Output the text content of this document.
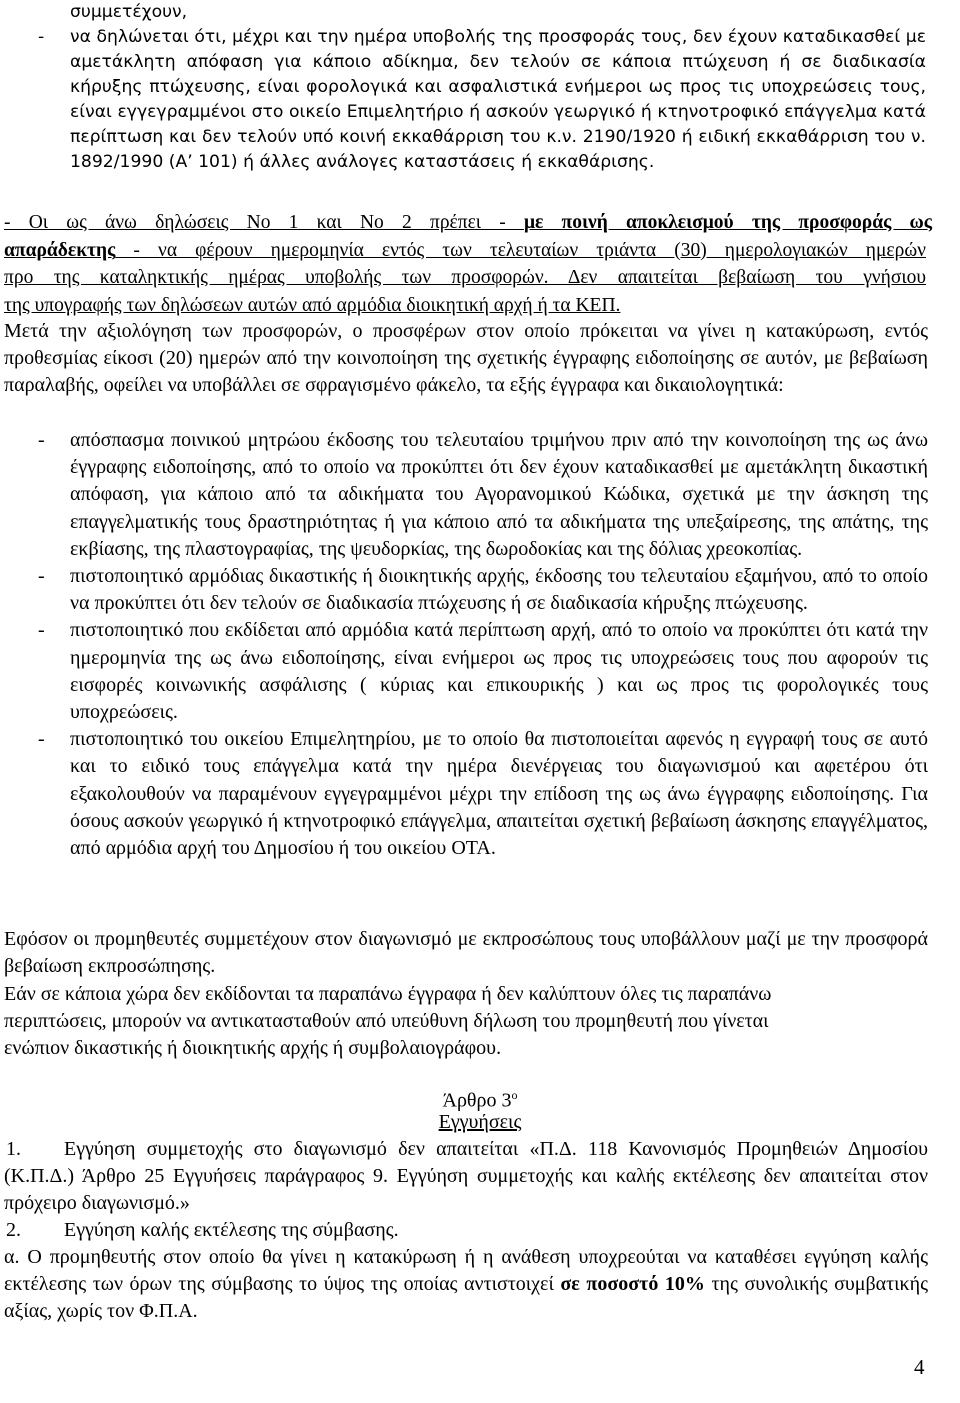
συμμετέχουν,
-	να δηλώνεται ότι, μέχρι και την ημέρα υποβολής της προσφοράς τους, δεν έχουν καταδικασθεί με αμετάκλητη απόφαση για κάποιο αδίκημα, δεν τελούν σε κάποια πτώχευση ή σε διαδικασία κήρυξης πτώχευσης, είναι φορολογικά και ασφαλιστικά ενήμεροι ως προς τις υποχρεώσεις τους, είναι εγγεγραμμένοι στο οικείο Επιμελητήριο ή ασκούν γεωργικό ή κτηνοτροφικό επάγγελμα κατά περίπτωση και δεν τελούν υπό κοινή εκκαθάρριση του κ.ν. 2190/1920 ή ειδική εκκαθάρριση του ν. 1892/1990 (Α’ 101) ή άλλες ανάλογες καταστάσεις ή εκκαθάρισης.

- Οι ως άνω δηλώσεις Νο 1 και Νο 2 πρέπει - με ποινή αποκλεισμού της προσφοράς ως
απαράδεκτης - να φέρουν ημερομηνία εντός των τελευταίων τριάντα (30) ημερολογιακών ημερών
προ της καταληκτικής ημέρας υποβολής των προσφορών. Δεν απαιτείται βεβαίωση του γνήσιου
της υπογραφής των δηλώσεων αυτών από αρμόδια διοικητική αρχή ή τα ΚΕΠ.

Μετά την αξιολόγηση των προσφορών, ο προσφέρων στον οποίο πρόκειται να γίνει η κατακύρωση, εντός προθεσμίας είκοσι (20) ημερών από την κοινοποίηση της σχετικής έγγραφης ειδοποίησης σε αυτόν, με βεβαίωση παραλαβής, οφείλει να υποβάλλει σε σφραγισμένο φάκελο, τα εξής έγγραφα και δικαιολογητικά:

-	απόσπασμα ποινικού μητρώου έκδοσης του τελευταίου τριμήνου πριν από την κοινοποίηση της ως άνω έγγραφης ειδοποίησης, από το οποίο να προκύπτει ότι δεν έχουν καταδικασθεί με αμετάκλητη δικαστική απόφαση, για κάποιο από τα αδικήματα του Αγορανομικού Κώδικα, σχετικά με την άσκηση της επαγγελματικής τους δραστηριότητας ή για κάποιο από τα αδικήματα της υπεξαίρεσης, της απάτης, της εκβίασης, της πλαστογραφίας, της ψευδορκίας, της δωροδοκίας και της δόλιας χρεοκοπίας.

-	πιστοποιητικό αρμόδιας δικαστικής ή διοικητικής αρχής, έκδοσης του τελευταίου εξαμήνου, από το οποίο να προκύπτει ότι δεν τελούν σε διαδικασία πτώχευσης ή σε διαδικασία κήρυξης πτώχευσης.

-	πιστοποιητικό που εκδίδεται από αρμόδια κατά περίπτωση αρχή, από το οποίο να προκύπτει ότι κατά την ημερομηνία της ως άνω ειδοποίησης, είναι ενήμεροι ως προς τις υποχρεώσεις τους που αφορούν τις εισφορές κοινωνικής ασφάλισης ( κύριας και επικουρικής ) και ως προς τις φορολογικές τους υποχρεώσεις.

-	πιστοποιητικό του οικείου Επιμελητηρίου, με το οποίο θα πιστοποιείται αφενός η εγγραφή τους σε αυτό και το ειδικό τους επάγγελμα κατά την ημέρα διενέργειας του διαγωνισμού και αφετέρου ότι εξακολουθούν να παραμένουν εγγεγραμμένοι μέχρι την επίδοση της ως άνω έγγραφης ειδοποίησης. Για όσους ασκούν γεωργικό ή κτηνοτροφικό επάγγελμα, απαιτείται σχετική βεβαίωση άσκησης επαγγέλματος, από αρμόδια αρχή του Δημοσίου ή του οικείου ΟΤΑ.

Εφόσον οι προμηθευτές συμμετέχουν στον διαγωνισμό με εκπροσώπους τους υποβάλλουν μαζί με την προσφορά βεβαίωση εκπροσώπησης.

Εάν σε κάποια χώρα δεν εκδίδονται τα παραπάνω έγγραφα ή δεν καλύπτουν όλες τις παραπάνω
περιπτώσεις, μπορούν να αντικατασταθούν από υπεύθυνη δήλωση του προμηθευτή που γίνεται
ενώπιον δικαστικής ή διοικητικής αρχής ή συμβολαιογράφου.
Άρθρο $3^o$
Εγγυήσεις
1.	Εγγύηση συμμετοχής στο διαγωνισμό δεν απαιτείται «Π.Δ. 118 Κανονισμός Προμηθειών Δημοσίου (Κ.Π.Δ.) Άρθρο 25 Εγγυήσεις παράγραφος 9. Εγγύηση συμμετοχής και καλής εκτέλεσης δεν απαιτείται στον πρόχειρο διαγωνισμό.»

2.	Εγγύηση καλής εκτέλεσης της σύμβασης.

α. Ο προμηθευτής στον οποίο θα γίνει η κατακύρωση ή η ανάθεση υποχρεούται να καταθέσει εγγύηση καλής εκτέλεσης των όρων της σύμβασης το ύψος της οποίας αντιστοιχεί σε ποσοστό 10% της συνολικής συμβατικής αξίας, χωρίς τον Φ.Π.Α.

4
